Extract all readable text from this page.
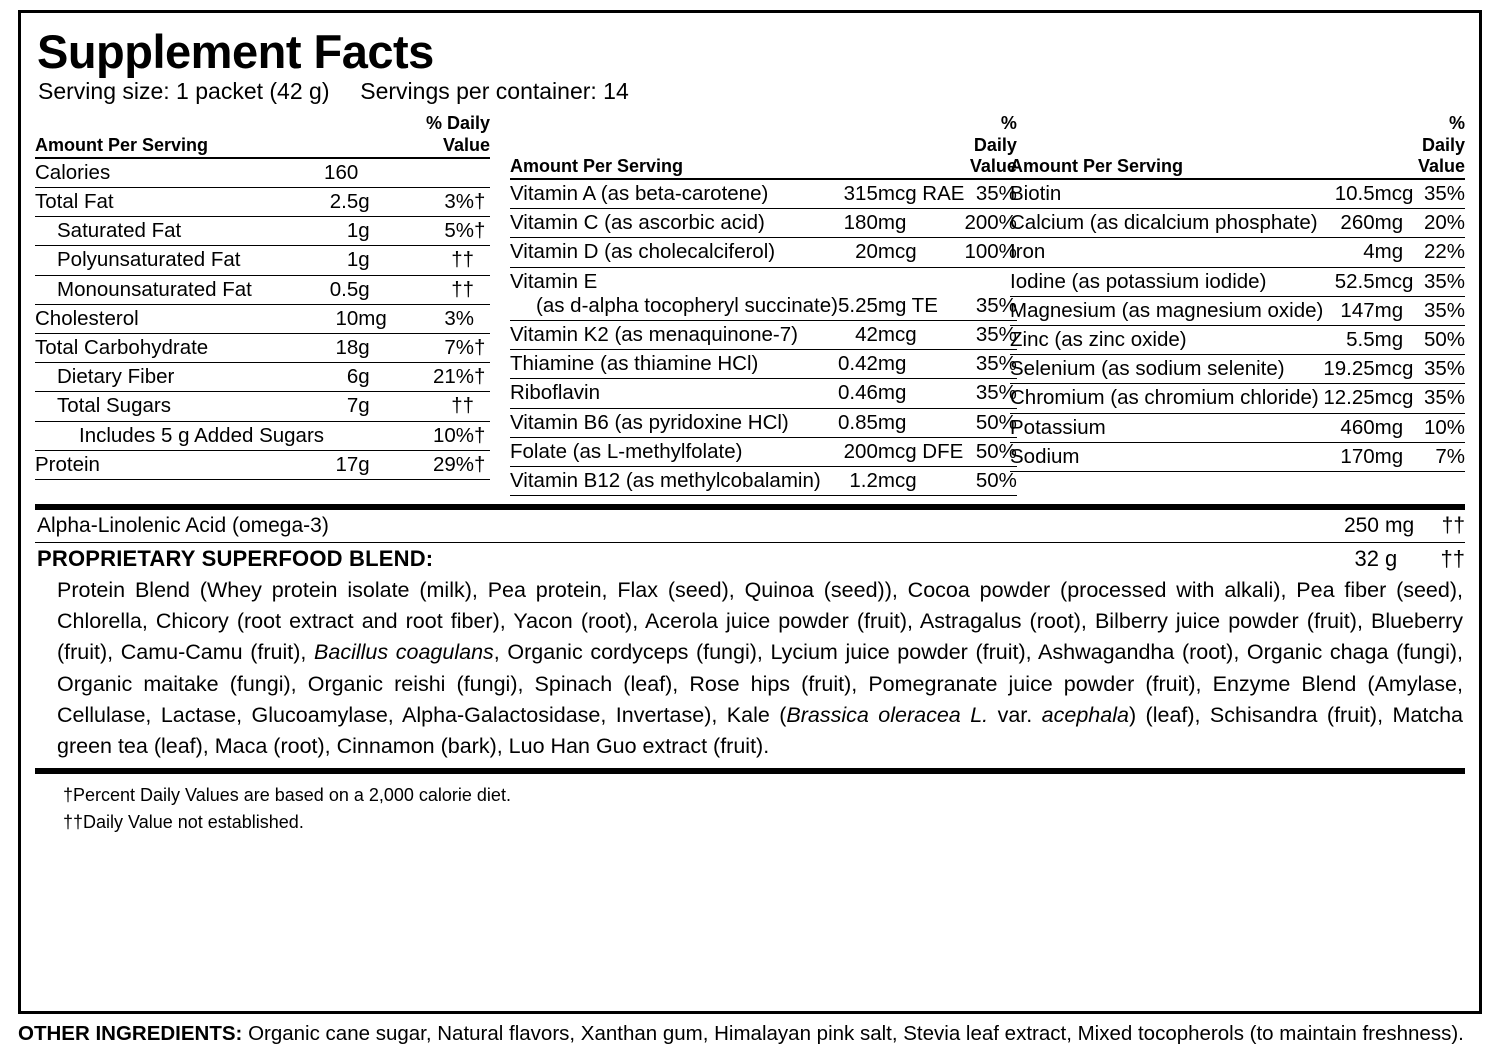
Supplement Facts
Serving size: 1 packet (42 g) Servings per container: 14
Amount Per Serving			% Daily Value	
Calories	160			
Total Fat	2.5	g	3%	†
Saturated Fat	1	g	5%	†
Polyunsaturated Fat	1	g	††	
Monounsaturated Fat	0.5	g	††	
Cholesterol	10	mg	3%	
Total Carbohydrate	18	g	7%	†
Dietary Fiber	6	g	21%	†
Total Sugars	7	g	††	
Includes 5 g Added Sugars			10%	†
Protein	17	g	29%	†
Amount Per Serving			% Daily Value
Vitamin A (as beta-carotene)	315	mcg RAE	35%
Vitamin C (as ascorbic acid)	180	mg	200%
Vitamin D (as cholecalciferol)	20	mcg	100%
Vitamin E
(as d-alpha tocopheryl succinate)	5.25	mg TE	35%
Vitamin K2 (as menaquinone-7)	42	mcg	35%
Thiamine (as thiamine HCl)	0.42	mg	35%
Riboflavin	0.46	mg	35%
Vitamin B6 (as pyridoxine HCl)	0.85	mg	50%
Folate (as L-methylfolate)	200	mcg DFE	50%
Vitamin B12 (as methylcobalamin)	1.2	mcg	50%
Amount Per Serving			% Daily Value
Biotin	10.5	mcg	35%
Calcium (as dicalcium phosphate)	260	mg	20%
Iron	4	mg	22%
Iodine (as potassium iodide)	52.5	mcg	35%
Magnesium (as magnesium oxide)	147	mg	35%
Zinc (as zinc oxide)	5.5	mg	50%
Selenium (as sodium selenite)	19.25	mcg	35%
Chromium (as chromium chloride)	12.25	mcg	35%
Potassium	460	mg	10%
Sodium	170	mg	7%
Alpha-Linolenic Acid (omega-3)	250 mg	††
PROPRIETARY SUPERFOOD BLEND:	32 g	††
Protein Blend (Whey protein isolate (milk), Pea protein, Flax (seed), Quinoa (seed)), Cocoa powder (processed with alkali), Pea fiber (seed), Chlorella, Chicory (root extract and root fiber), Yacon (root), Acerola juice powder (fruit), Astragalus (root), Bilberry juice powder (fruit), Blueberry (fruit), Camu-Camu (fruit), Bacillus coagulans, Organic cordyceps (fungi), Lycium juice powder (fruit), Ashwagandha (root), Organic chaga (fungi), Organic maitake (fungi), Organic reishi (fungi), Spinach (leaf), Rose hips (fruit), Pomegranate juice powder (fruit), Enzyme Blend (Amylase, Cellulase, Lactase, Glucoamylase, Alpha-Galactosidase, Invertase), Kale (Brassica oleracea L. var. acephala) (leaf), Schisandra (fruit), Matcha green tea (leaf), Maca (root), Cinnamon (bark), Luo Han Guo extract (fruit).
†Percent Daily Values are based on a 2,000 calorie diet.
††Daily Value not established.
OTHER INGREDIENTS: Organic cane sugar, Natural flavors, Xanthan gum, Himalayan pink salt, Stevia leaf extract, Mixed tocopherols (to maintain freshness).
